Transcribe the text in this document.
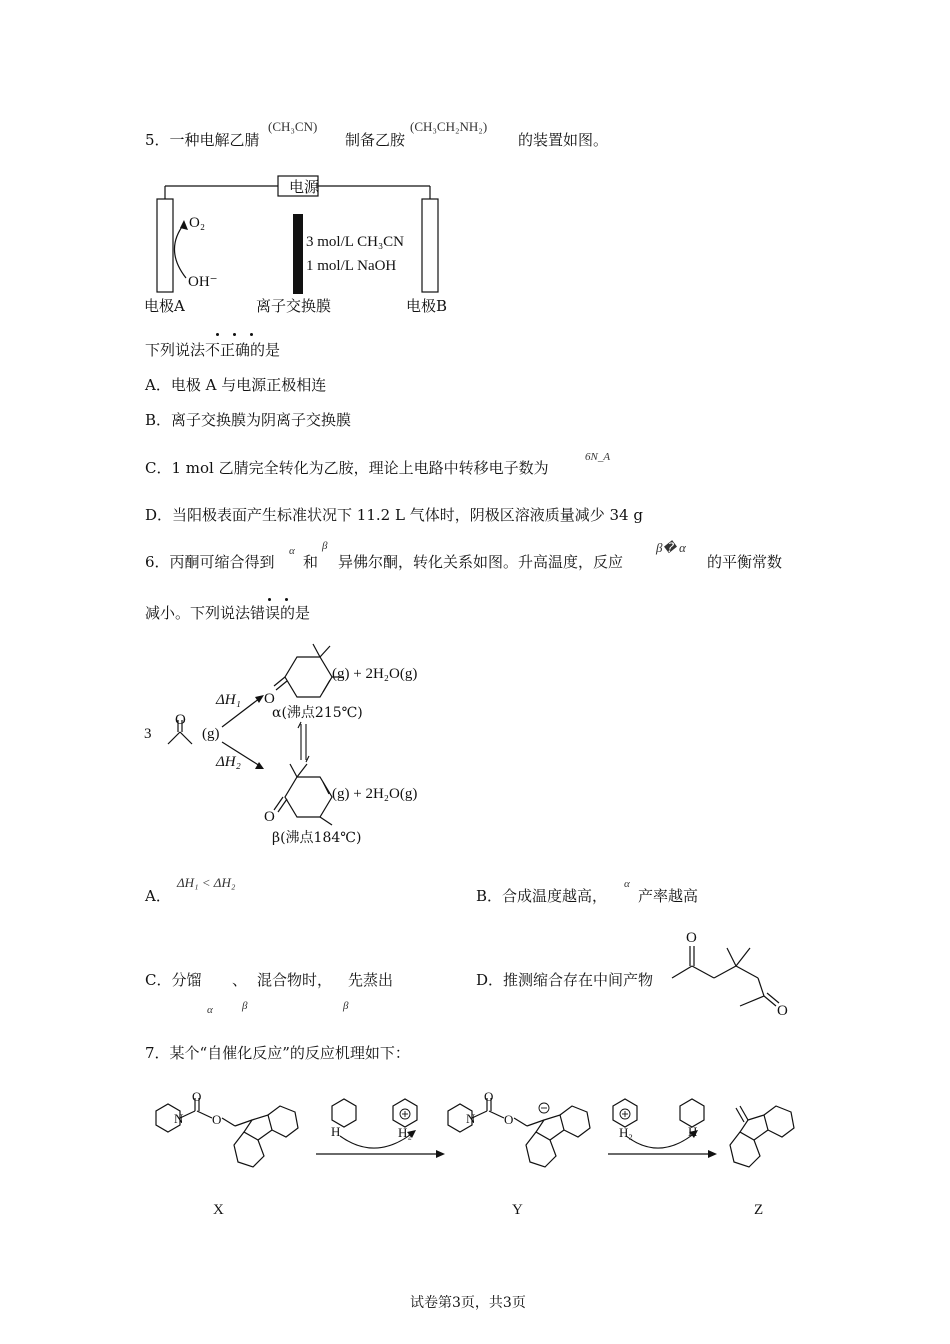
5．一种电解乙腈
(CH₃CN)
制备乙胺
(CH₃CH₂NH₂)
的装置如图。
电源
O₂
OH⁻
3 mol/L CH₃CN
1 mol/L NaOH
电极A	离子交换膜	电极B
下列说法不正确的是
A．电极 A 与电源正极相连
B．离子交换膜为阴离子交换膜
C．1 mol 乙腈完全转化为乙胺，理论上电路中转移电子数为
6N_A
D．当阳极表面产生标准状况下 11.2 L 气体时，阴极区溶液质量减少 34 g
6．丙酮可缩合得到
α
和
β
异佛尔酮，转化关系如图。升高温度，反应
β� α
的平衡常数
减小。下列说法错误的是
3
O
(g)
ΔH₁
ΔH₂
O
O
(g) + 2H₂O(g)
α(沸点215℃)
(g) + 2H₂O(g)
β(沸点184℃)
A．
ΔH₁ < ΔH₂
B．合成温度越高，
α
产率越高
C．分馏 、 混合物时， 先蒸出
α	β	β
D．推测缩合存在中间产物
O
O
7．某个“自催化反应”的反应机理如下：
N
O
O	N
O
O
H	H₂	H₂	H
X	Y	Z
试卷第3页，共3页
